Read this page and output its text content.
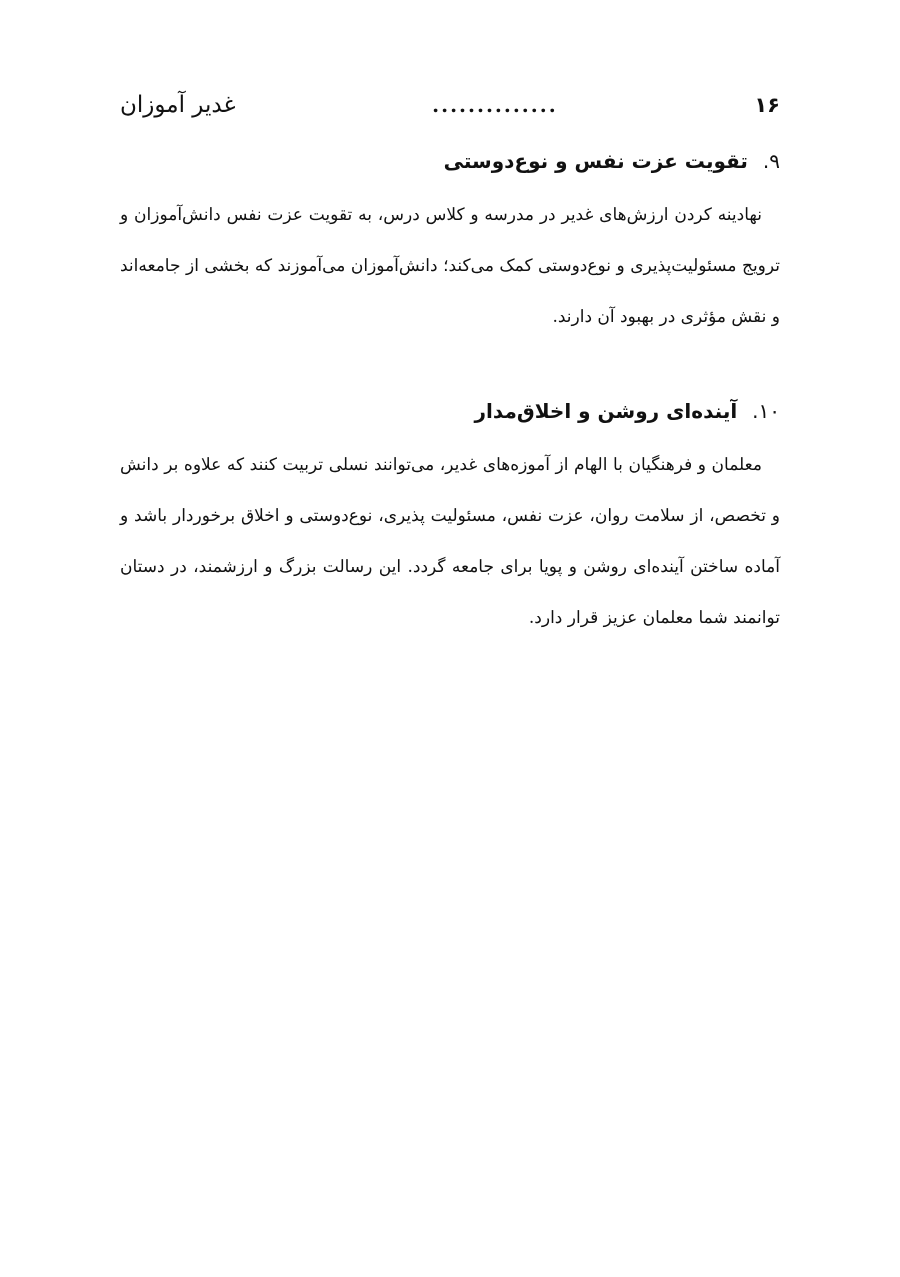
۱۶
..............
غدیر آموزان
۹. تقویت عزت نفس و نوع‌دوستی

نهادینه کردن ارزش‌های غدیر در مدرسه و کلاس درس، به تقویت عزت نفس دانش‌آموزان و ترویج مسئولیت‌پذیری و نوع‌دوستی کمک می‌کند؛ دانش‌آموزان می‌آموزند که بخشی از جامعه‌اند و نقش مؤثری در بهبود آن دارند.

۱۰. آینده‌ای روشن و اخلاق‌مدار

معلمان و فرهنگیان با الهام از آموزه‌های غدیر، می‌توانند نسلی تربیت کنند که علاوه بر دانش و تخصص، از سلامت روان، عزت نفس، مسئولیت پذیری، نوع‌دوستی و اخلاق برخوردار باشد و آماده ساختن آینده‌ای روشن و پویا برای جامعه گردد. این رسالت بزرگ و ارزشمند، در دستان توانمند شما معلمان عزیز قرار دارد.
